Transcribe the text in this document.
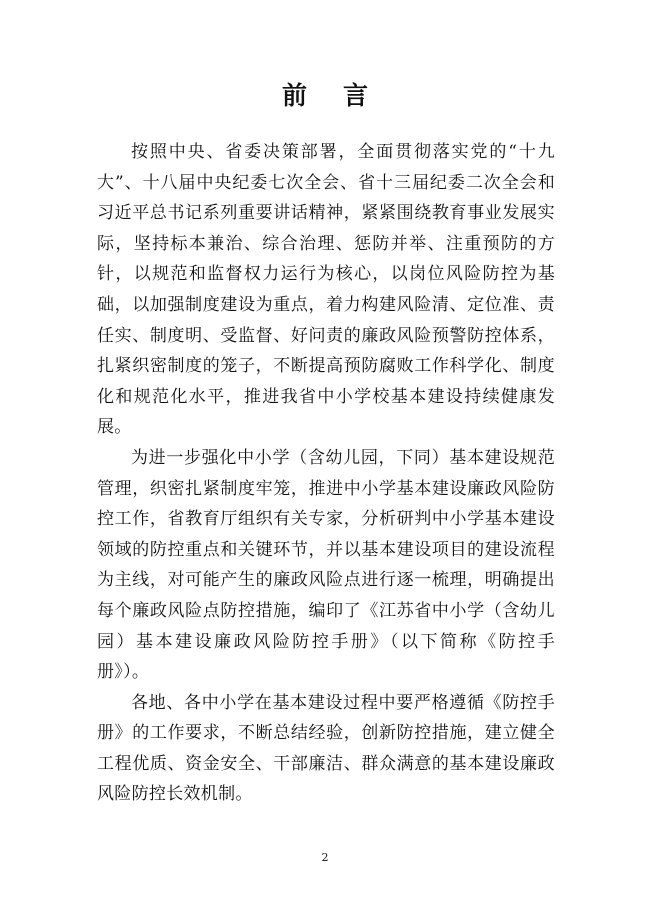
前言

按照中央、省委决策部署，全面贯彻落实党的“十九大”、十八届中央纪委七次全会、省十三届纪委二次全会和习近平总书记系列重要讲话精神，紧紧围绕教育事业发展实际，坚持标本兼治、综合治理、惩防并举、注重预防的方针，以规范和监督权力运行为核心，以岗位风险防控为基础，以加强制度建设为重点，着力构建风险清、定位准、责任实、制度明、受监督、好问责的廉政风险预警防控体系，扎紧织密制度的笼子，不断提高预防腐败工作科学化、制度化和规范化水平，推进我省中小学校基本建设持续健康发展。

为进一步强化中小学（含幼儿园，下同）基本建设规范管理，织密扎紧制度牢笼，推进中小学基本建设廉政风险防控工作，省教育厅组织有关专家，分析研判中小学基本建设领域的防控重点和关键环节，并以基本建设项目的建设流程为主线，对可能产生的廉政风险点进行逐一梳理，明确提出每个廉政风险点防控措施，编印了《江苏省中小学（含幼儿园）基本建设廉政风险防控手册》（以下简称《防控手册》）。

各地、各中小学在基本建设过程中要严格遵循《防控手册》的工作要求，不断总结经验，创新防控措施，建立健全工程优质、资金安全、干部廉洁、群众满意的基本建设廉政风险防控长效机制。

2
